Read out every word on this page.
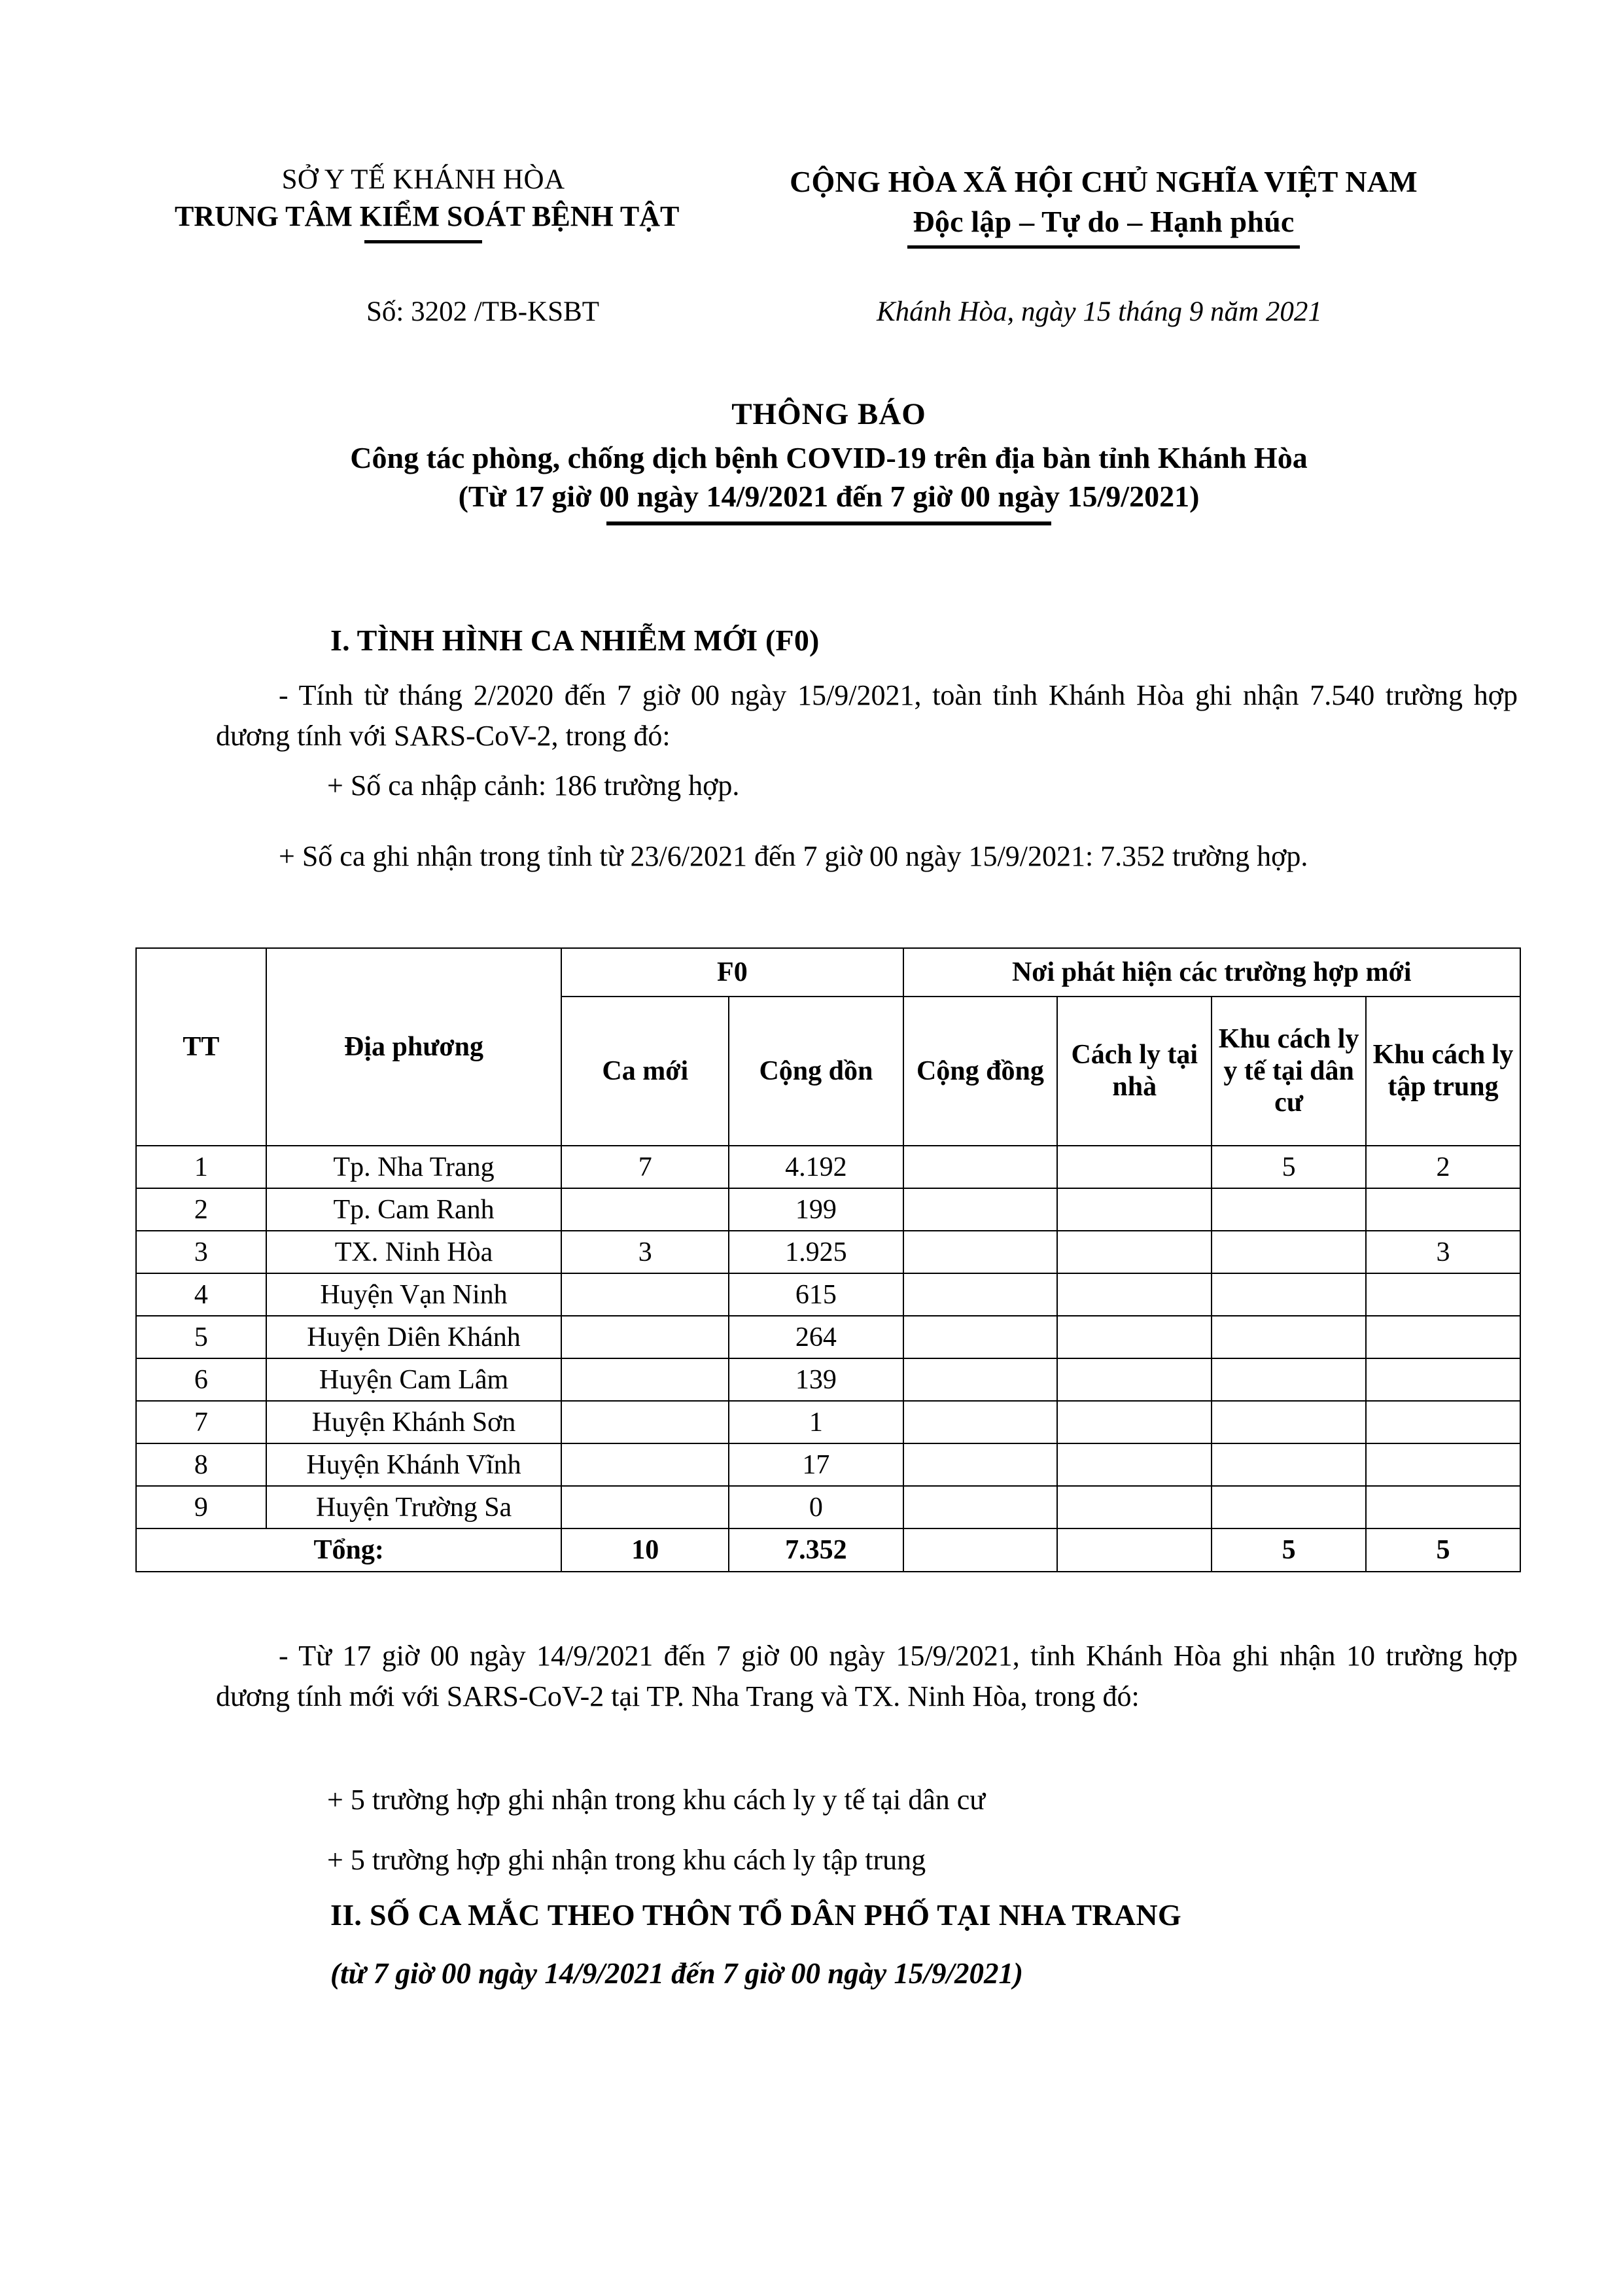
SỞ Y TẾ KHÁNH HÒA
TRUNG TÂM KIỂM SOÁT BỆNH TẬT
CỘNG HÒA XÃ HỘI CHỦ NGHĨA VIỆT NAM
Độc lập – Tự do – Hạnh phúc
Số: 3202 /TB-KSBT	Khánh Hòa, ngày 15 tháng 9 năm 2021
THÔNG BÁO
Công tác phòng, chống dịch bệnh COVID-19 trên địa bàn tỉnh Khánh Hòa
(Từ 17 giờ 00 ngày 14/9/2021 đến 7 giờ 00 ngày 15/9/2021)
I. TÌNH HÌNH CA NHIỄM MỚI (F0)
- Tính từ tháng 2/2020 đến 7 giờ 00 ngày 15/9/2021, toàn tỉnh Khánh Hòa ghi nhận 7.540 trường hợp dương tính với SARS-CoV-2, trong đó:
+ Số ca nhập cảnh: 186 trường hợp.
+ Số ca ghi nhận trong tỉnh từ 23/6/2021 đến 7 giờ 00 ngày 15/9/2021: 7.352 trường hợp.
TT	Địa phương	F0		Nơi phát hiện các trường hợp mới			
		Ca mới	Cộng dồn	Cộng đồng	Cách ly tại nhà	Khu cách ly y tế tại dân cư	Khu cách ly tập trung
1	Tp. Nha Trang	7	4.192			5	2
2	Tp. Cam Ranh		199				
3	TX. Ninh Hòa	3	1.925				3
4	Huyện Vạn Ninh		615				
5	Huyện Diên Khánh		264				
6	Huyện Cam Lâm		139				
7	Huyện Khánh Sơn		1				
8	Huyện Khánh Vĩnh		17				
9	Huyện Trường Sa		0				
Tổng:		10	7.352			5	5
- Từ 17 giờ 00 ngày 14/9/2021 đến 7 giờ 00 ngày 15/9/2021, tỉnh Khánh Hòa ghi nhận 10 trường hợp dương tính mới với SARS-CoV-2 tại TP. Nha Trang và TX. Ninh Hòa, trong đó:
+ 5 trường hợp ghi nhận trong khu cách ly y tế tại dân cư
+ 5 trường hợp ghi nhận trong khu cách ly tập trung
II. SỐ CA MẮC THEO THÔN TỔ DÂN PHỐ TẠI NHA TRANG
(từ 7 giờ 00 ngày 14/9/2021 đến 7 giờ 00 ngày 15/9/2021)
